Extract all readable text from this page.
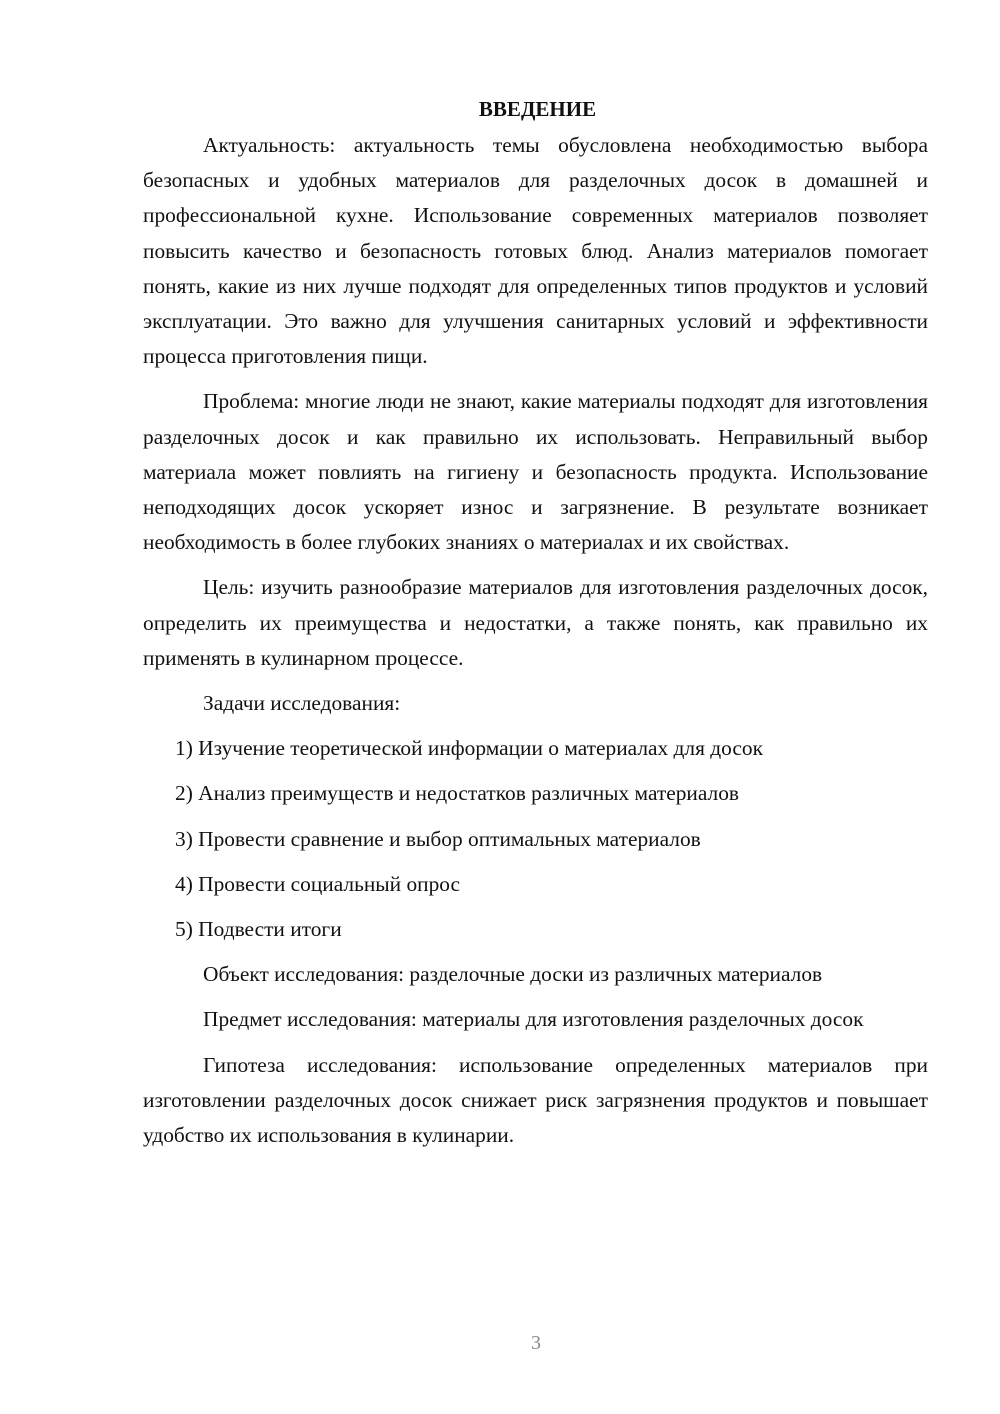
ВВЕДЕНИЕ

Актуальность: актуальность темы обусловлена необходимостью выбора безопасных и удобных материалов для разделочных досок в домашней и профессиональной кухне. Использование современных материалов позволяет повысить качество и безопасность готовых блюд. Анализ материалов помогает понять, какие из них лучше подходят для определенных типов продуктов и условий эксплуатации. Это важно для улучшения санитарных условий и эффективности процесса приготовления пищи.

Проблема: многие люди не знают, какие материалы подходят для изготовления разделочных досок и как правильно их использовать. Неправильный выбор материала может повлиять на гигиену и безопасность продукта. Использование неподходящих досок ускоряет износ и загрязнение. В результате возникает необходимость в более глубоких знаниях о материалах и их свойствах.

Цель: изучить разнообразие материалов для изготовления разделочных досок, определить их преимущества и недостатки, а также понять, как правильно их применять в кулинарном процессе.

Задачи исследования:

1) Изучение теоретической информации о материалах для досок

2) Анализ преимуществ и недостатков различных материалов

3) Провести сравнение и выбор оптимальных материалов

4) Провести социальный опрос

5) Подвести итоги

Объект исследования: разделочные доски из различных материалов

Предмет исследования: материалы для изготовления разделочных досок

Гипотеза исследования: использование определенных материалов при изготовлении разделочных досок снижает риск загрязнения продуктов и повышает удобство их использования в кулинарии.

3
